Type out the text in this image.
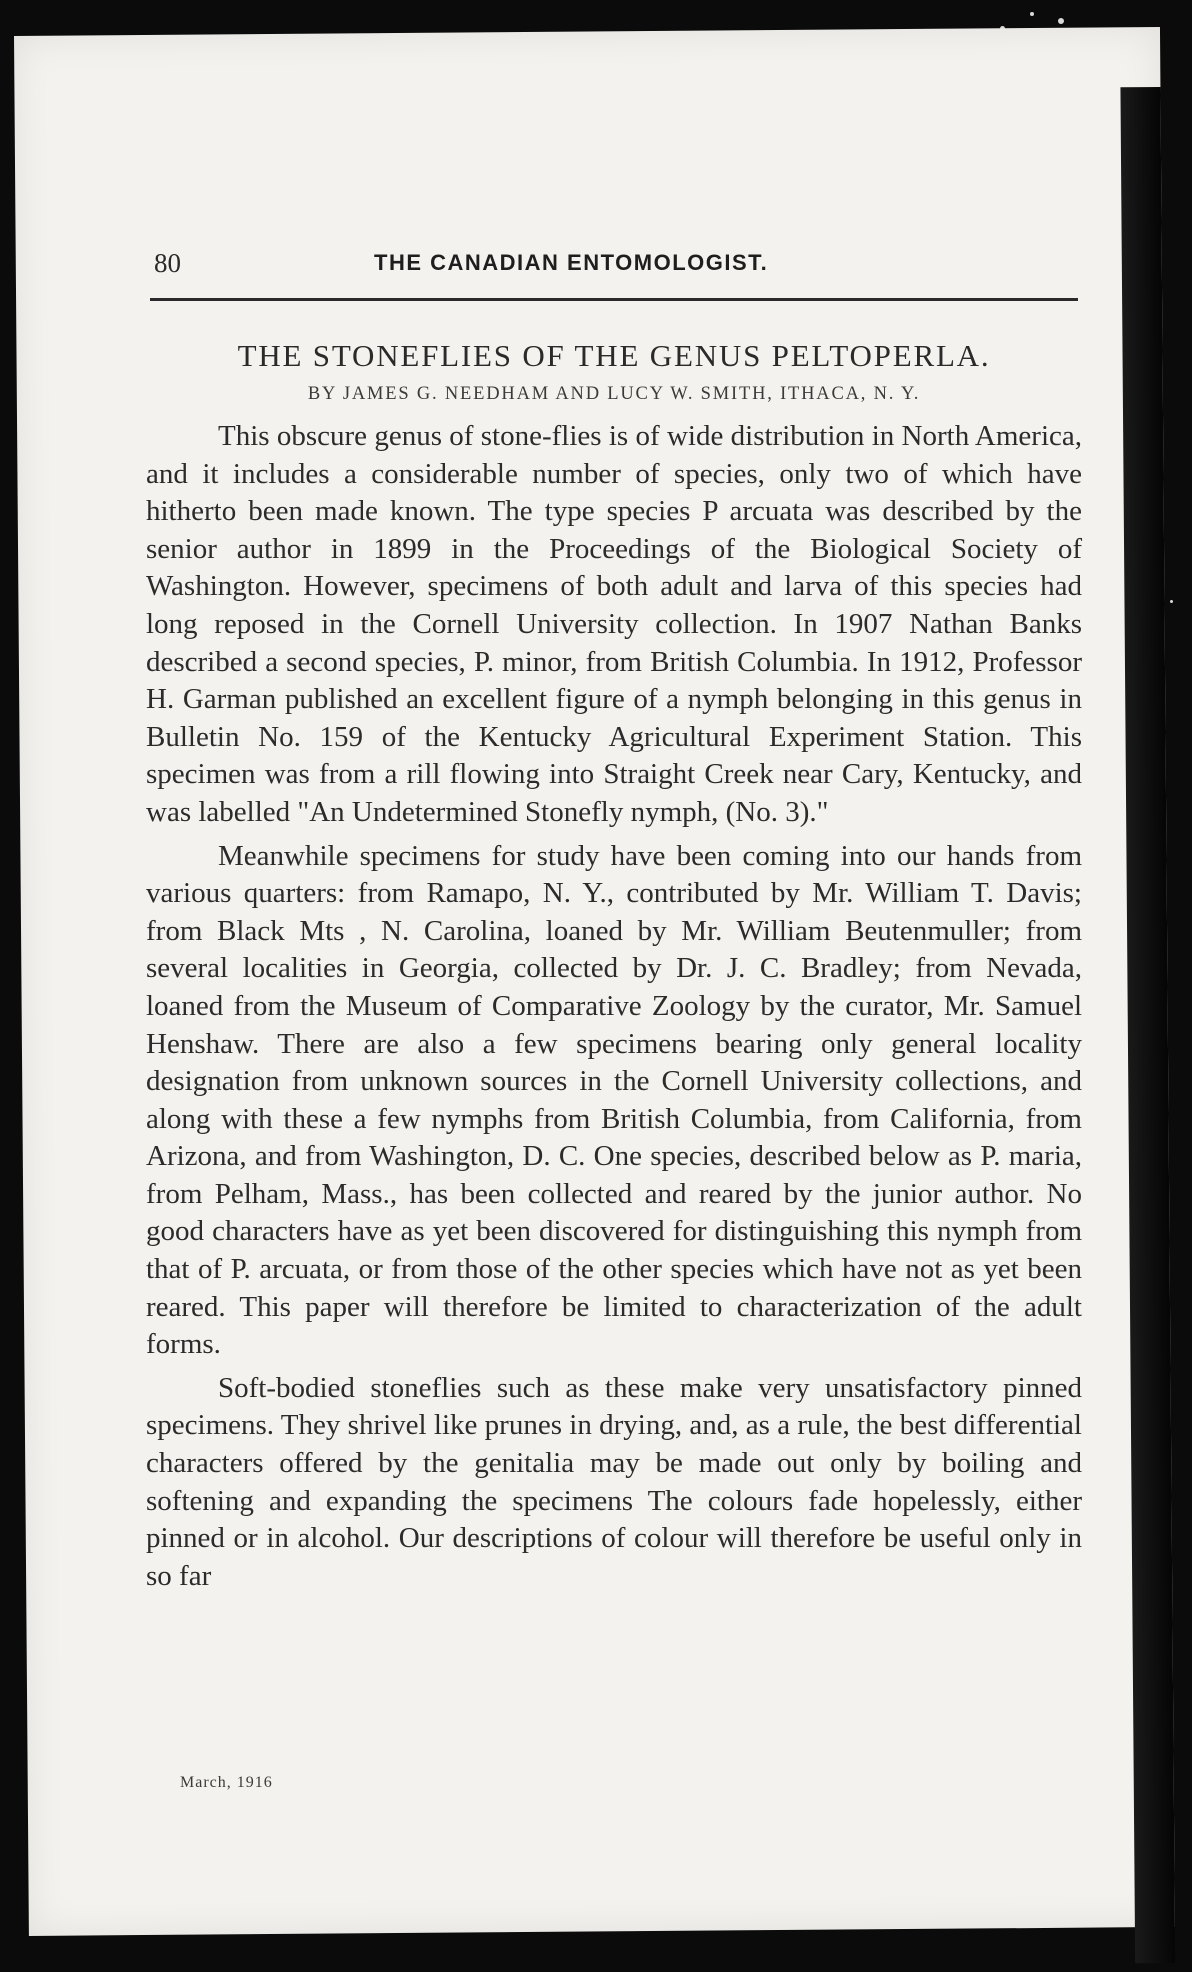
80	THE CANADIAN ENTOMOLOGIST.
THE STONEFLIES OF THE GENUS PELTOPERLA.
BY JAMES G. NEEDHAM AND LUCY W. SMITH, ITHACA, N. Y.

This obscure genus of stone-flies is of wide distribution in North America, and it includes a considerable number of species, only two of which have hitherto been made known. The type species P arcuata was described by the senior author in 1899 in the Proceedings of the Biological Society of Washington. However, specimens of both adult and larva of this species had long reposed in the Cornell University collection. In 1907 Nathan Banks described a second species, P. minor, from British Columbia. In 1912, Professor H. Garman published an excellent figure of a nymph belonging in this genus in Bulletin No. 159 of the Kentucky Agricultural Experiment Station. This specimen was from a rill flowing into Straight Creek near Cary, Kentucky, and was labelled "An Undetermined Stonefly nymph, (No. 3)."

Meanwhile specimens for study have been coming into our hands from various quarters: from Ramapo, N. Y., contributed by Mr. William T. Davis; from Black Mts , N. Carolina, loaned by Mr. William Beutenmuller; from several localities in Georgia, collected by Dr. J. C. Bradley; from Nevada, loaned from the Museum of Comparative Zoology by the curator, Mr. Samuel Henshaw. There are also a few specimens bearing only general locality designation from unknown sources in the Cornell University collections, and along with these a few nymphs from British Columbia, from California, from Arizona, and from Washington, D. C. One species, described below as P. maria, from Pelham, Mass., has been collected and reared by the junior author. No good characters have as yet been discovered for distinguishing this nymph from that of P. arcuata, or from those of the other species which have not as yet been reared. This paper will therefore be limited to characterization of the adult forms.

Soft-bodied stoneflies such as these make very unsatisfactory pinned specimens. They shrivel like prunes in drying, and, as a rule, the best differential characters offered by the genitalia may be made out only by boiling and softening and expanding the specimens The colours fade hopelessly, either pinned or in alcohol. Our descriptions of colour will therefore be useful only in so far

March, 1916
